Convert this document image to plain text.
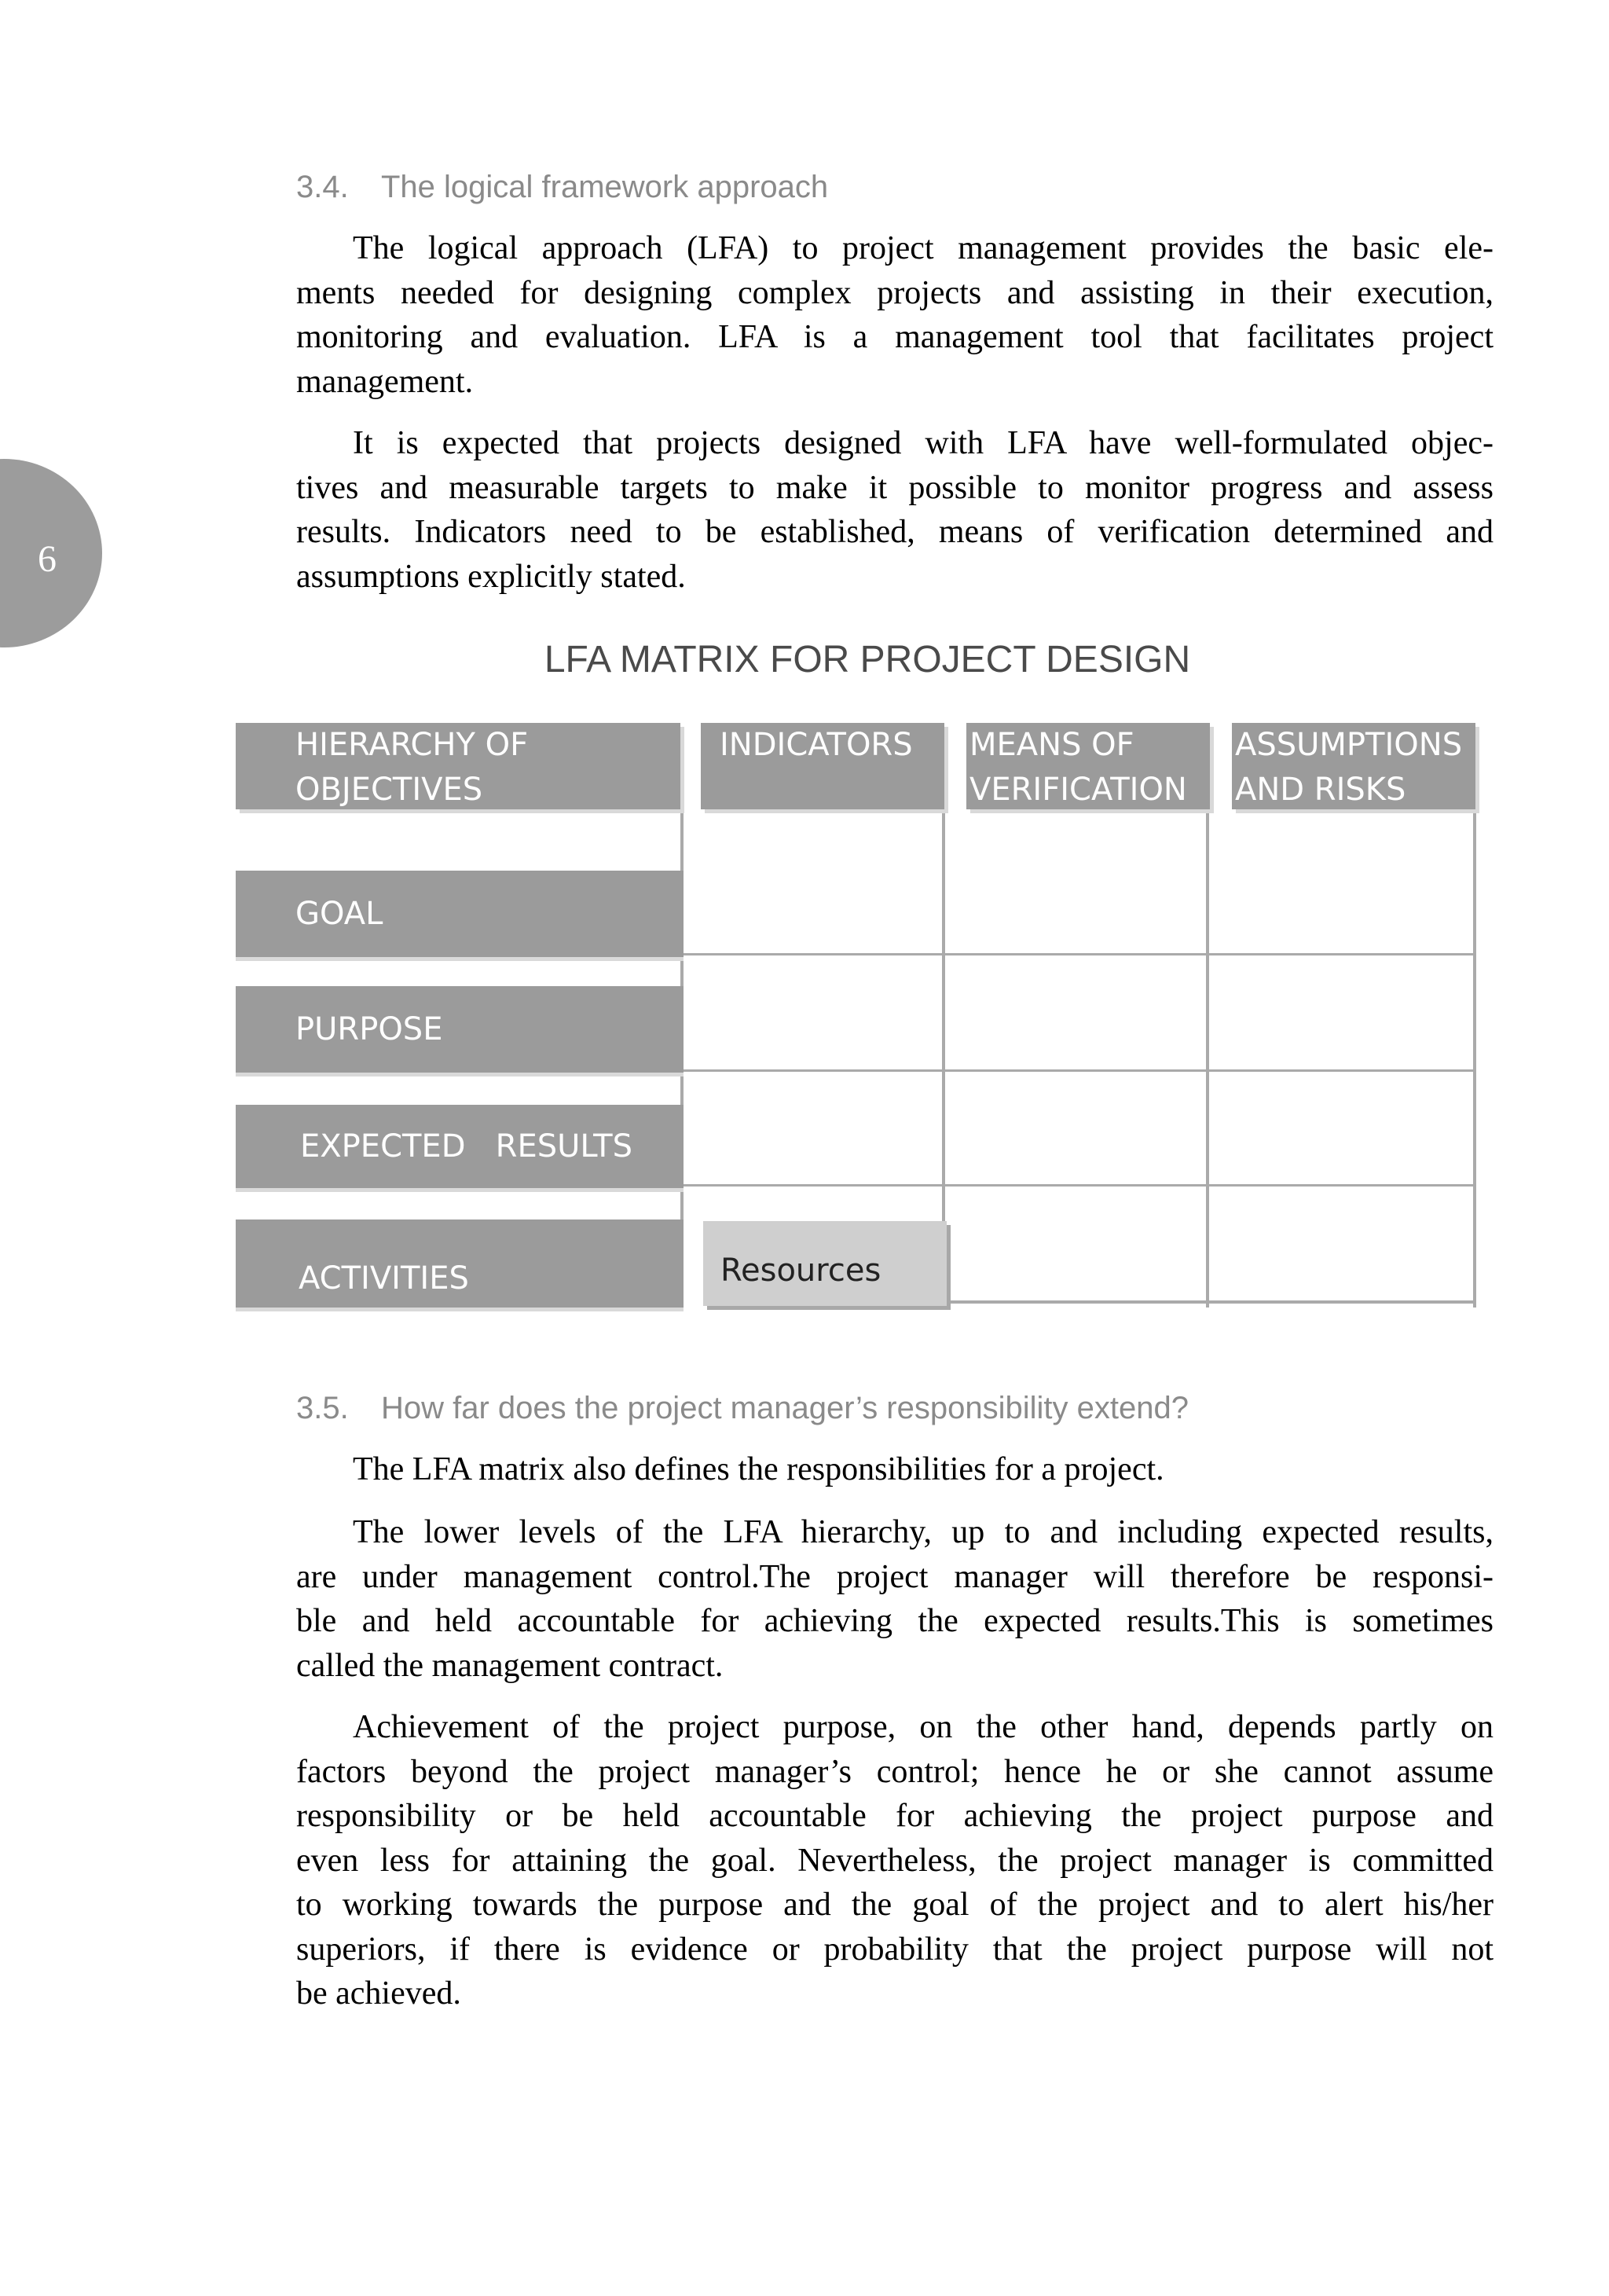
6
3.4. The logical framework approach
The logical approach (LFA) to project management provides the basic ele-
ments needed for designing complex projects and assisting in their execution,
monitoring and evaluation. LFA is a management tool that facilitates project
management.
It is expected that projects designed with LFA have well-formulated objec-
tives and measurable targets to make it possible to monitor progress and assess
results. Indicators need to be established, means of verification determined and
assumptions explicitly stated.
LFA MATRIX FOR PROJECT DESIGN
HIERARCHY OF
OBJECTIVES
INDICATORS	MEANS OF
VERIFICATION
ASSUMPTIONS
AND RISKS
GOAL
PURPOSE
EXPECTED   RESULTS
ACTIVITIES	Resources
3.5. How far does the project manager’s responsibility extend?
The LFA matrix also defines the responsibilities for a project.
The lower levels of the LFA hierarchy, up to and including expected results,
are under management control.The project manager will therefore be responsi-
ble and held accountable for achieving the expected results.This is sometimes
called the management contract.
Achievement of the project purpose, on the other hand, depends partly on
factors beyond the project manager’s control; hence he or she cannot assume
responsibility or be held accountable for achieving the project purpose and
even less for attaining the goal. Nevertheless, the project manager is committed
to working towards the purpose and the goal of the project and to alert his/her
superiors, if there is evidence or probability that the project purpose will not
be achieved.
